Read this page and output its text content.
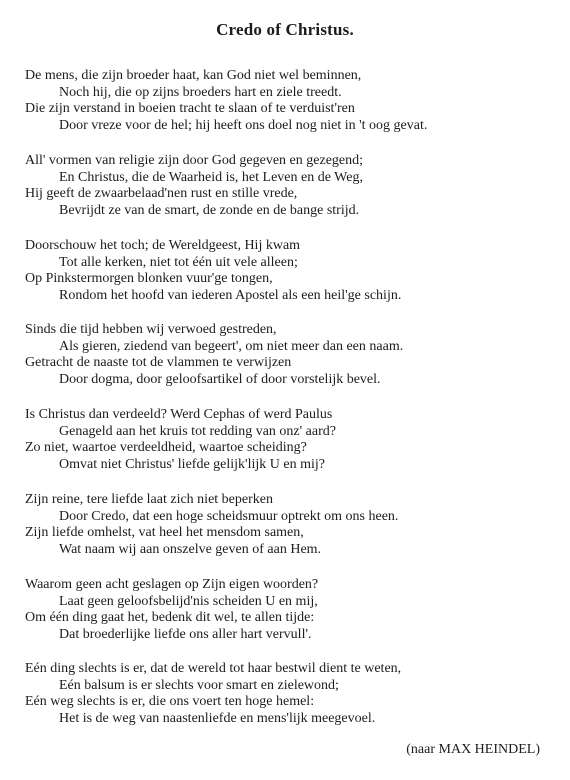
Credo of Christus.
De mens, die zijn broeder haat, kan God niet wel beminnen,
Noch hij, die op zijns broeders hart en ziele treedt.
Die zijn verstand in boeien tracht te slaan of te verduist'ren
Door vreze voor de hel; hij heeft ons doel nog niet in 't oog gevat.
All' vormen van religie zijn door God gegeven en gezegend;
En Christus, die de Waarheid is, het Leven en de Weg,
Hij geeft de zwaarbelaad'nen rust en stille vrede,
Bevrijdt ze van de smart, de zonde en de bange strijd.
Doorschouw het toch; de Wereldgeest, Hij kwam
Tot alle kerken, niet tot één uit vele alleen;
Op Pinkstermorgen blonken vuur'ge tongen,
Rondom het hoofd van iederen Apostel als een heil'ge schijn.
Sinds die tijd hebben wij verwoed gestreden,
Als gieren, ziedend van begeert', om niet meer dan een naam.
Getracht de naaste tot de vlammen te verwijzen
Door dogma, door geloofsartikel of door vorstelijk bevel.
Is Christus dan verdeeld? Werd Cephas of werd Paulus
Genageld aan het kruis tot redding van onz' aard?
Zo niet, waartoe verdeeldheid, waartoe scheiding?
Omvat niet Christus' liefde gelijk'lijk U en mij?
Zijn reine, tere liefde laat zich niet beperken
Door Credo, dat een hoge scheidsmuur optrekt om ons heen.
Zijn liefde omhelst, vat heel het mensdom samen,
Wat naam wij aan onszelve geven of aan Hem.
Waarom geen acht geslagen op Zijn eigen woorden?
Laat geen geloofsbelijd'nis scheiden U en mij,
Om één ding gaat het, bedenk dit wel, te allen tijde:
Dat broederlijke liefde ons aller hart vervull'.
Eén ding slechts is er, dat de wereld tot haar bestwil dient te weten,
Eén balsum is er slechts voor smart en zielewond;
Eén weg slechts is er, die ons voert ten hoge hemel:
Het is de weg van naastenliefde en mens'lijk meegevoel.
(naar MAX HEINDEL)
